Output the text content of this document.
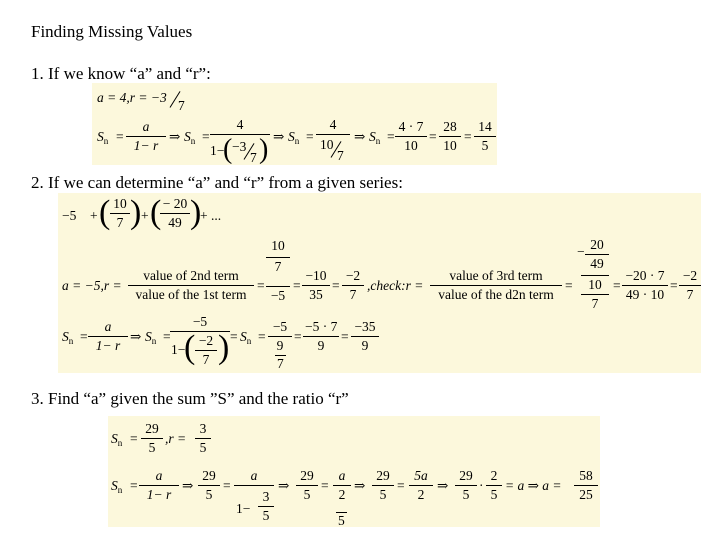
Finding Missing Values
1. If we know “a” and “r”:
a = 4,r = −3
7
$S_n = \frac{a}{1- r}$ ⇒ $S_n$ =
4
1−
( −3
7 ) ⇒ $S_n$ =
4
10
7
⇒ $S_n = \frac{4 \cdot 7}{10} = \frac{28}{10} = \frac{14}{5}$
2. If we can determine “a” and “r” from a given series:
−5 + ( $\frac{10}{7}$ ) + (
$\frac{- 20}{49}$ )
+ ...
a = −5,r =
value of 2nd term
value of the 1st term
=
$\frac{10}{7}$
−5
= $\frac{-10}{35} = \frac{-2}{7}$ ,check:r =
value of 3rd term
value of the d2n term
=
− $\frac{20}{49}$
$\frac{10}{7} = \frac{-20 \cdot 7}{49 \cdot 10} = \frac{-2}{7}$
$S_n = \frac{a}{1- r}$ ⇒ $S_n$ =
−5
1−
( $\frac{-2}{7}$ ) = $S_n = \frac{-5}{9}$
7
= $\frac{-5 \cdot 7}{9} = \frac{-35}{9}$
3. Find “a” given the sum ”S” and the ratio “r”
$S_n = \frac{29}{5} ,r = \frac{3}{5}$
$S_n = \frac{a}{1- r}$ ⇒ $\frac{29}{5}$ =
a
$1- \frac{3}{5}$
⇒ $\frac{29}{5} = \frac{a}{2}$
5
⇒ $\frac{29}{5} = \frac{5a}{2}$ ⇒ $\frac{29}{5} \cdot \frac{2}{5} = a$ ⇒ $a = \frac{58}{25}$
